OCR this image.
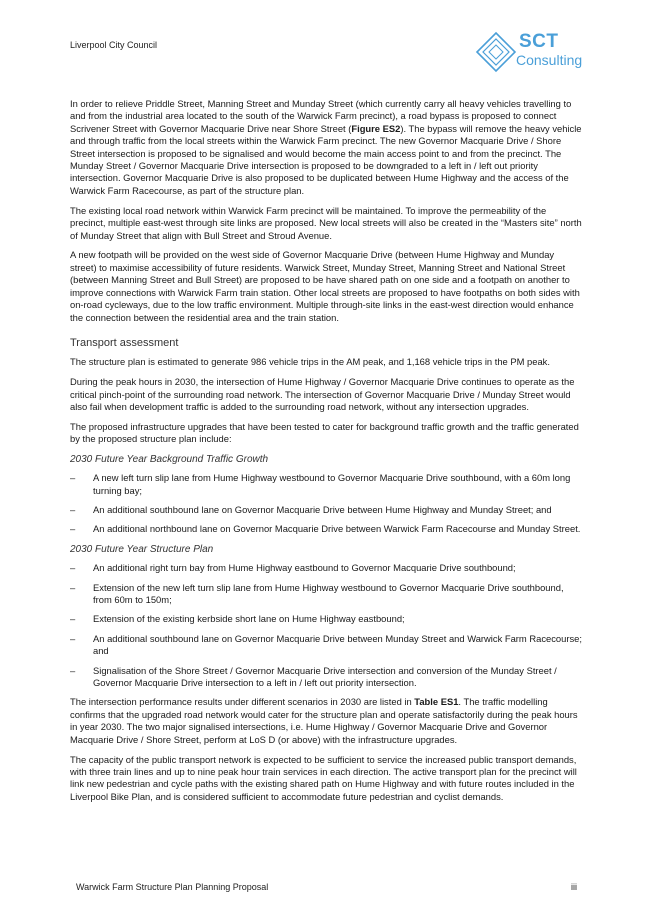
Liverpool City Council	SCT
Consulting

In order to relieve Priddle Street, Manning Street and Munday Street (which currently carry all heavy vehicles travelling to and from the industrial area located to the south of the Warwick Farm precinct), a road bypass is proposed to connect Scrivener Street with Governor Macquarie Drive near Shore Street (Figure ES2). The bypass will remove the heavy vehicle and through traffic from the local streets within the Warwick Farm precinct. The new Governor Macquarie Drive / Shore Street intersection is proposed to be signalised and would become the main access point to and from the precinct. The Munday Street / Governor Macquarie Drive intersection is proposed to be downgraded to a left in / left out priority intersection. Governor Macquarie Drive is also proposed to be duplicated between Hume Highway and the access of the Warwick Farm Racecourse, as part of the structure plan.

The existing local road network within Warwick Farm precinct will be maintained. To improve the permeability of the precinct, multiple east-west through site links are proposed. New local streets will also be created in the “Masters site” north of Munday Street that align with Bull Street and Stroud Avenue.

A new footpath will be provided on the west side of Governor Macquarie Drive (between Hume Highway and Munday street) to maximise accessibility of future residents. Warwick Street, Munday Street, Manning Street and National Street (between Manning Street and Bull Street) are proposed to be have shared path on one side and a footpath on another to improve connections with Warwick Farm train station. Other local streets are proposed to have footpaths on both sides with on-road cycleways, due to the low traffic environment. Multiple through-site links in the east-west direction would enhance the connection between the residential area and the train station.

Transport assessment

The structure plan is estimated to generate 986 vehicle trips in the AM peak, and 1,168 vehicle trips in the PM peak.

During the peak hours in 2030, the intersection of Hume Highway / Governor Macquarie Drive continues to operate as the critical pinch-point of the surrounding road network. The intersection of Governor Macquarie Drive / Munday Street would also fail when development traffic is added to the surrounding road network, without any intersection upgrades.

The proposed infrastructure upgrades that have been tested to cater for background traffic growth and the traffic generated by the proposed structure plan include:

2030 Future Year Background Traffic Growth
– A new left turn slip lane from Hume Highway westbound to Governor Macquarie Drive southbound, with a 60m long turning bay;
– An additional southbound lane on Governor Macquarie Drive between Hume Highway and Munday Street; and
– An additional northbound lane on Governor Macquarie Drive between Warwick Farm Racecourse and Munday Street.
2030 Future Year Structure Plan
– An additional right turn bay from Hume Highway eastbound to Governor Macquarie Drive southbound;
– Extension of the new left turn slip lane from Hume Highway westbound to Governor Macquarie Drive southbound, from 60m to 150m;
– Extension of the existing kerbside short lane on Hume Highway eastbound;
– An additional southbound lane on Governor Macquarie Drive between Munday Street and Warwick Farm Racecourse; and
– Signalisation of the Shore Street / Governor Macquarie Drive intersection and conversion of the Munday Street / Governor Macquarie Drive intersection to a left in / left out priority intersection.

The intersection performance results under different scenarios in 2030 are listed in Table ES1. The traffic modelling confirms that the upgraded road network would cater for the structure plan and operate satisfactorily during the peak hours in year 2030. The two major signalised intersections, i.e. Hume Highway / Governor Macquarie Drive and Governor Macquarie Drive / Shore Street, perform at LoS D (or above) with the infrastructure upgrades.

The capacity of the public transport network is expected to be sufficient to service the increased public transport demands, with three train lines and up to nine peak hour train services in each direction. The active transport plan for the precinct will link new pedestrian and cycle paths with the existing shared path on Hume Highway and with future routes included in the Liverpool Bike Plan, and is considered sufficient to accommodate future pedestrian and cyclist demands.

Warwick Farm Structure Plan Planning Proposal	iii
